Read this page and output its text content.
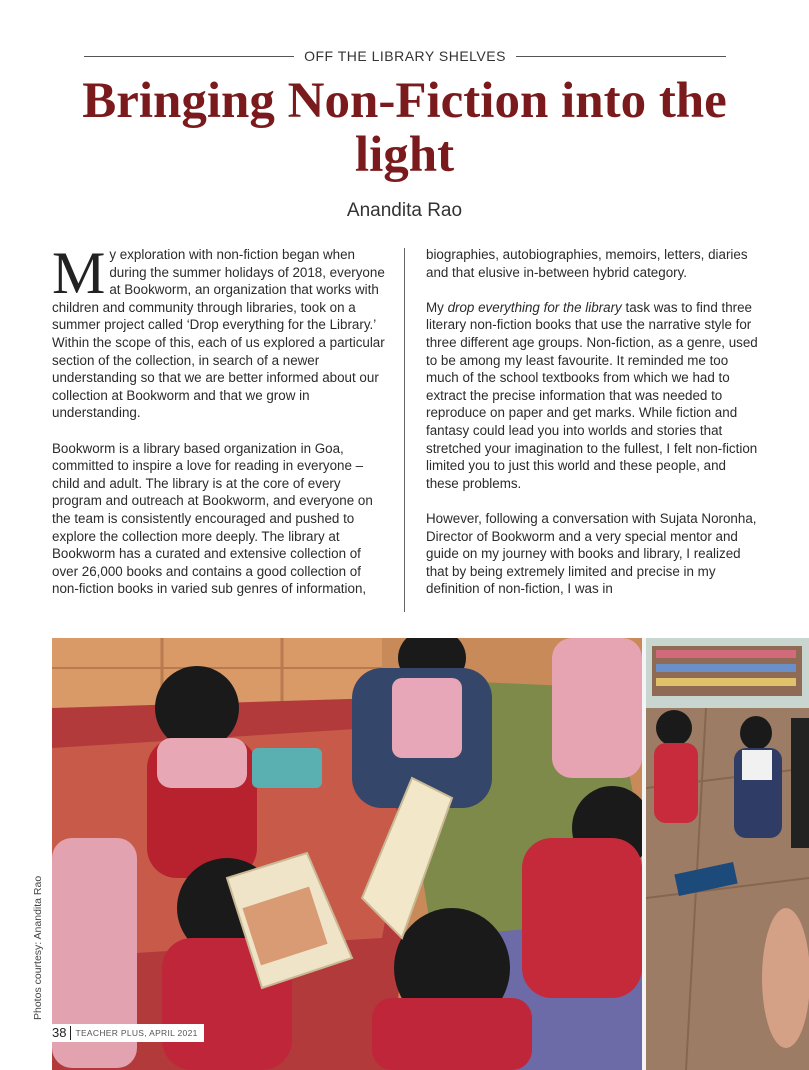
OFF THE LIBRARY SHELVES
Bringing Non-Fiction into the light
Anandita Rao

My exploration with non-fiction began when during the summer holidays of 2018, everyone at Bookworm, an organization that works with children and community through libraries, took on a summer project called ‘Drop everything for the Library.’ Within the scope of this, each of us explored a particular section of the collection, in search of a newer understanding so that we are better informed about our collection at Bookworm and that we grow in understanding.

Bookworm is a library based organization in Goa, committed to inspire a love for reading in everyone – child and adult. The library is at the core of every program and outreach at Bookworm, and everyone on the team is consistently encouraged and pushed to explore the collection more deeply. The library at Bookworm has a curated and extensive collection of over 26,000 books and contains a good collection of non-fiction books in varied sub genres of information,

biographies, autobiographies, memoirs, letters, diaries and that elusive in-between hybrid category.

My drop everything for the library task was to find three literary non-fiction books that use the narrative style for three different age groups. Non-fiction, as a genre, used to be among my least favourite. It reminded me too much of the school textbooks from which we had to extract the precise information that was needed to reproduce on paper and get marks. While fiction and fantasy could lead you into worlds and stories that stretched your imagination to the fullest, I felt non-fiction limited you to just this world and these people, and these problems.

However, following a conversation with Sujata Noronha, Director of Bookworm and a very special mentor and guide on my journey with books and library, I realized that by being extremely limited and precise in my definition of non-fiction, I was in

Photos courtesy: Anandita Rao
38	TEACHER PLUS, APRIL 2021
